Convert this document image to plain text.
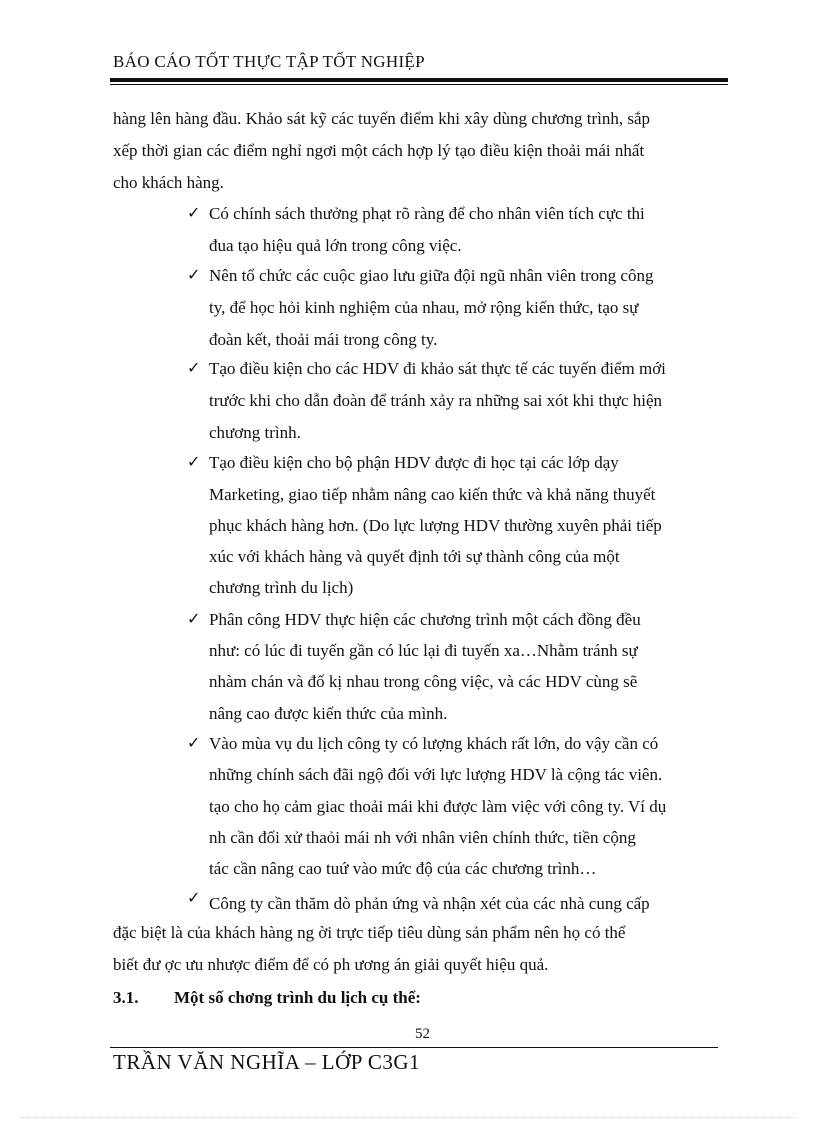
BÁO CÁO TỐT THỰC TẬP TỐT NGHIỆP
hàng lên hàng đầu. Khảo sát kỹ các tuyến điểm khi xây dùng chương trình, sắp
xếp thời gian các điểm nghỉ ngơi một cách hợp lý tạo điều kiện thoải mái nhất
cho khách hàng.
✓ Có chính sách thưởng phạt rõ ràng để cho nhân viên tích cực thi
đua tạo hiệu quả lớn trong công việc.
✓ Nên tổ chức các cuộc giao lưu giữa đội ngũ nhân viên trong công
ty, để học hỏi kinh nghiệm của nhau, mở rộng kiến thức, tạo sự
đoàn kết, thoải mái trong công ty.
✓ Tạo điều kiện cho các HDV đi khảo sát thực tế các tuyến điểm mới
trước khi cho dẫn đoàn để tránh xảy ra những sai xót khi thực hiện
chương trình.
✓ Tạo điều kiện cho bộ phận HDV được đi học tại các lớp dạy
Marketing, giao tiếp nhằm nâng cao kiến thức và khả năng thuyết
phục khách hàng hơn. (Do lực lượng HDV thường xuyên phải tiếp
xúc với khách hàng và quyết định tới sự thành công của một
chương trình du lịch)
✓ Phân công HDV thực hiện các chương trình một cách đồng đều
như: có lúc đi tuyến gần có lúc lại đi tuyến xa…Nhằm tránh sự
nhàm chán và đố kị nhau trong công việc, và các HDV cùng sẽ
nâng cao được kiến thức của mình.
✓ Vào mùa vụ du lịch công ty có lượng khách rất lớn, do vậy cần có
những chính sách đãi ngộ đối với lực lượng HDV là cộng tác viên.
tạo cho họ cảm giac thoải mái khi được làm việc với công ty. Ví dụ
nh cần đối xử thaỏi mái nh với nhân viên chính thức, tiền cộng
tác cần nâng cao tuứ vào mức độ của các chương trình…
✓ Công ty cần thăm dò phản ứng và nhận xét của các nhà cung cấp
đặc biệt là của khách hàng ng ời trực tiếp tiêu dùng sản phẩm nên họ có thể
biết đư ợc ưu nhược điểm để có ph ương án giải quyết hiệu quả.
3.1. Một số chơng trình du lịch cụ thể:
52
TRẦN VĂN NGHĨA – LỚP C3G1
